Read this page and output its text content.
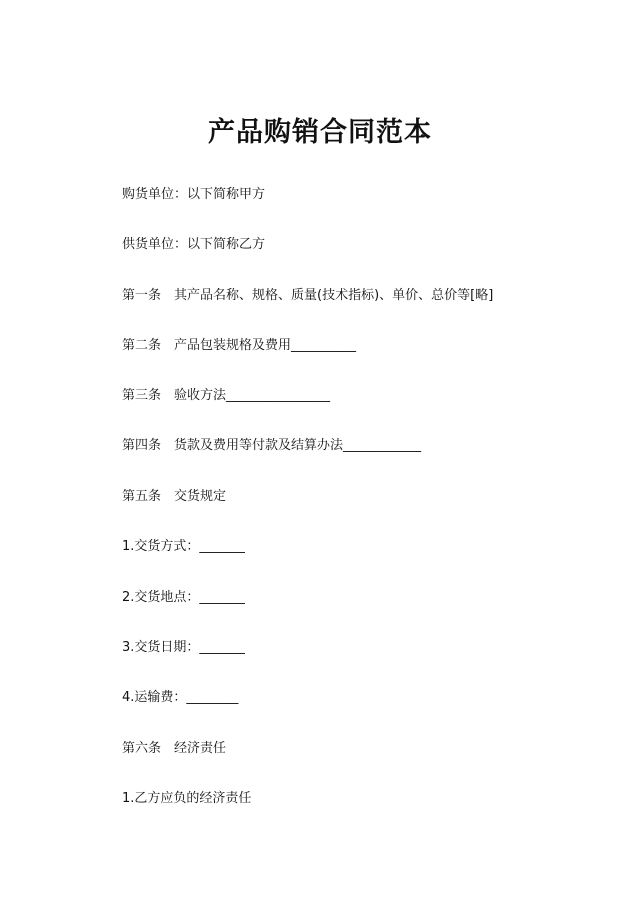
产品购销合同范本
购货单位：以下简称甲方
供货单位：以下简称乙方
第一条　其产品名称、规格、质量(技术指标)、单价、总价等[略]
第二条　产品包装规格及费用__________
第三条　验收方法________________
第四条　货款及费用等付款及结算办法____________
第五条　交货规定
1.交货方式：_______
2.交货地点：_______
3.交货日期：_______
4.运输费：________
第六条　经济责任
1.乙方应负的经济责任
